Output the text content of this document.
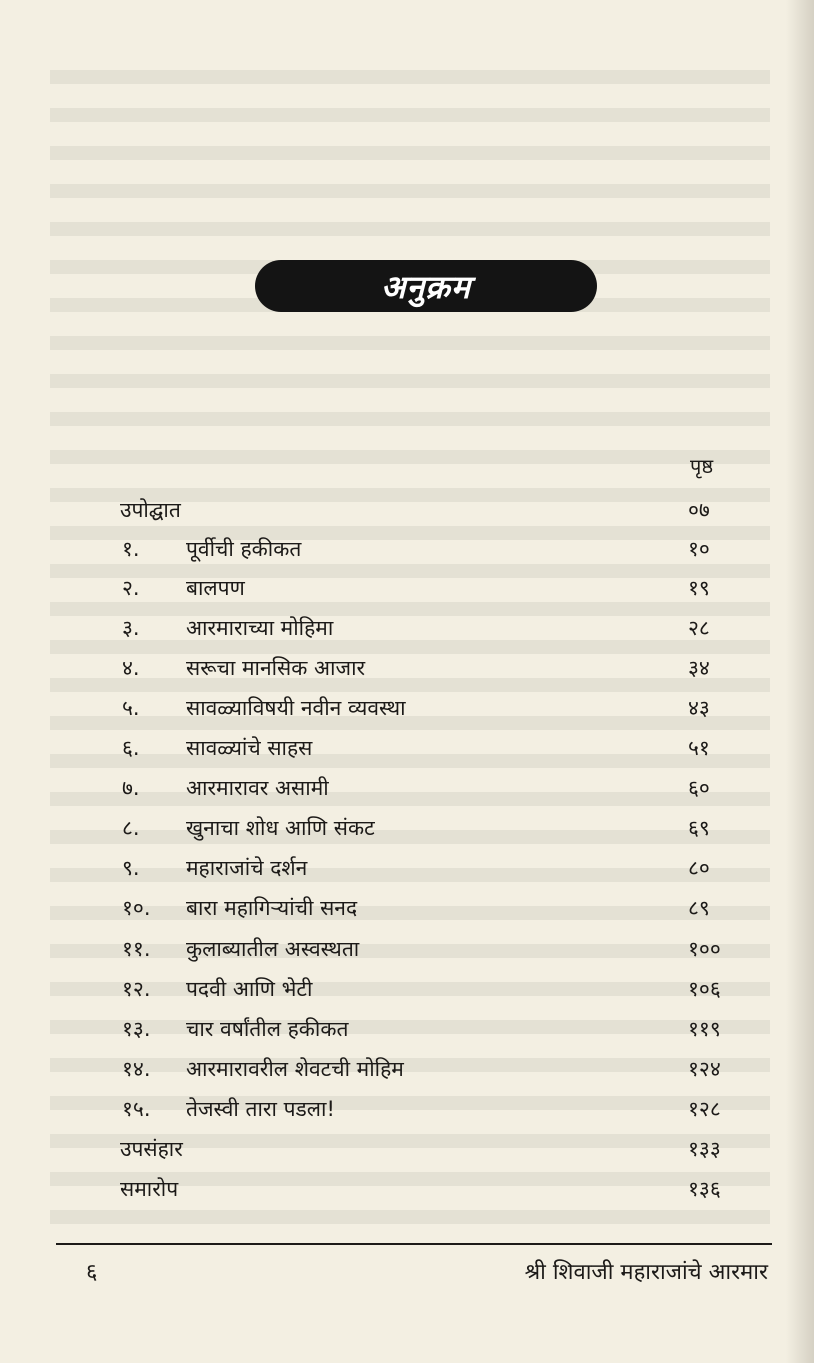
अनुक्रम
पृष्ठ
उपोद्घात	०७
१. पूर्वीची हकीकत	१०
२. बालपण	१९
३. आरमाराच्या मोहिमा	२८
४. सरूचा मानसिक आजार	३४
५. सावळ्याविषयी नवीन व्यवस्था	४३
६. सावळ्यांचे साहस	५१
७. आरमारावर असामी	६०
८. खुनाचा शोध आणि संकट	६९
९. महाराजांचे दर्शन	८०
१०. बारा महागिऱ्यांची सनद	८९
११. कुलाब्यातील अस्वस्थता	१००
१२. पदवी आणि भेटी	१०६
१३. चार वर्षांतील हकीकत	११९
१४. आरमारावरील शेवटची मोहिम	१२४
१५. तेजस्वी तारा पडला!	१२८
उपसंहार	१३३
समारोप	१३६
६	श्री शिवाजी महाराजांचे आरमार
